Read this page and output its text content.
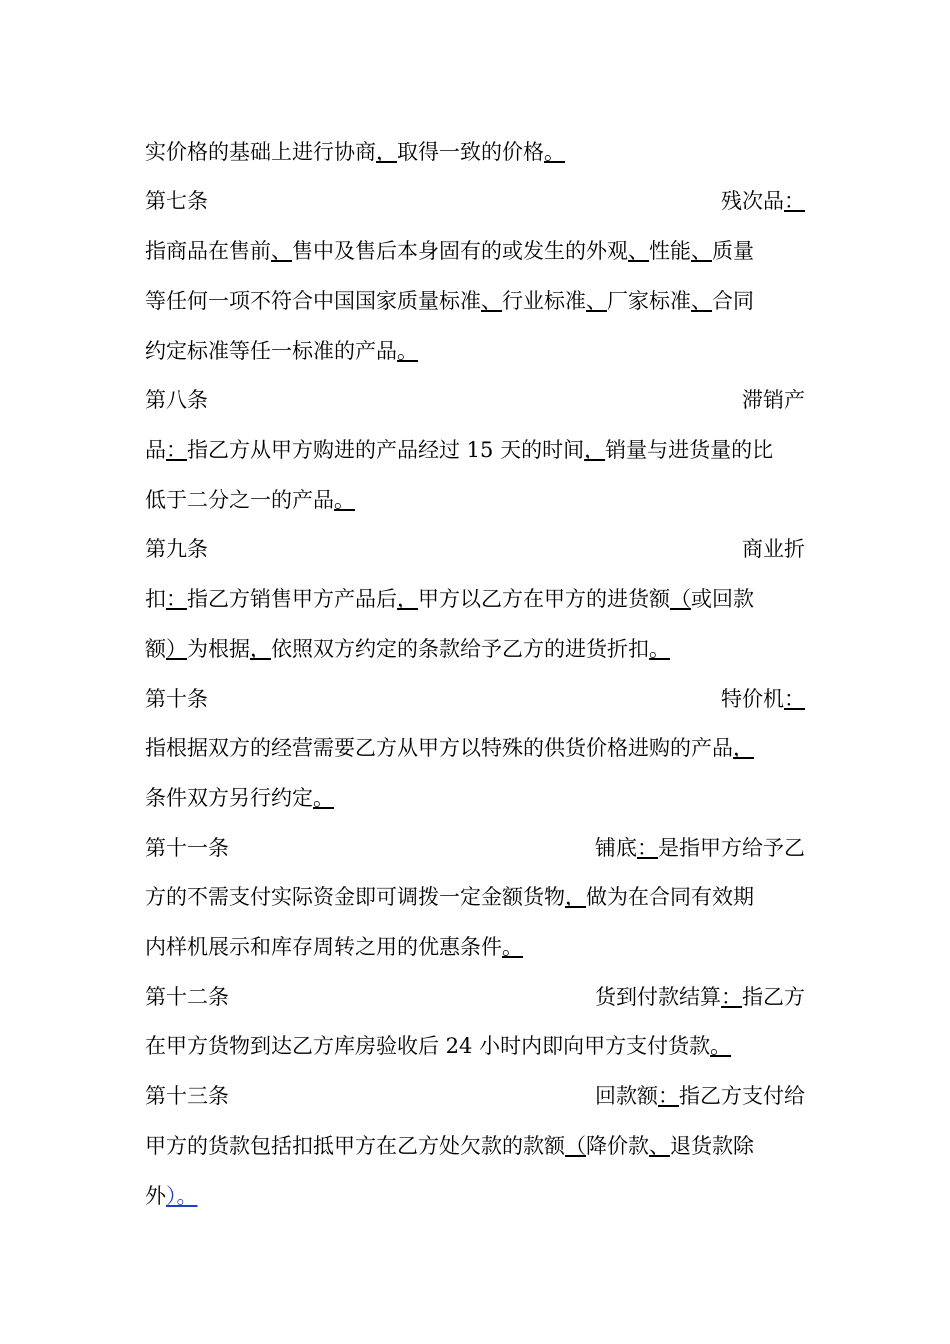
实价格的基础上进行协商，取得一致的价格。
第七条	残次品：
指商品在售前、售中及售后本身固有的或发生的外观、性能、质量
等任何一项不符合中国国家质量标准、行业标准、厂家标准、合同
约定标准等任一标准的产品。
第八条	滞销产
品：指乙方从甲方购进的产品经过 15 天的时间，销量与进货量的比
低于二分之一的产品。
第九条	商业折
扣：指乙方销售甲方产品后，甲方以乙方在甲方的进货额（或回款
额）为根据，依照双方约定的条款给予乙方的进货折扣。
第十条	特价机：
指根据双方的经营需要乙方从甲方以特殊的供货价格进购的产品，
条件双方另行约定。
第十一条	铺底：是指甲方给予乙
方的不需支付实际资金即可调拨一定金额货物，做为在合同有效期
内样机展示和库存周转之用的优惠条件。
第十二条	货到付款结算：指乙方
在甲方货物到达乙方库房验收后 24 小时内即向甲方支付货款。
第十三条	回款额：指乙方支付给
甲方的货款包括扣抵甲方在乙方处欠款的款额（降价款、退货款除
外）。
